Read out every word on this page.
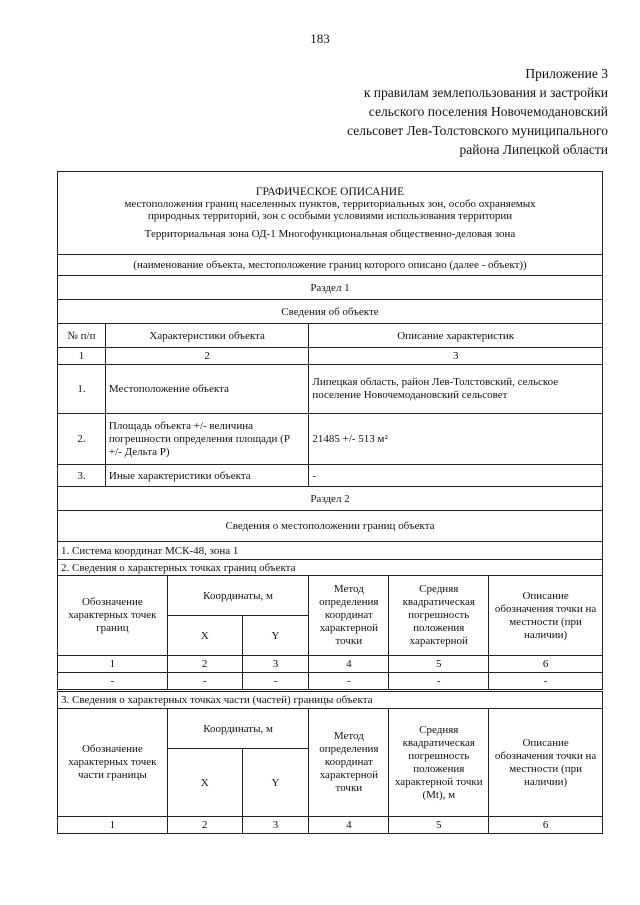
183
Приложение 3
к правилам землепользования и застройки
сельского поселения Новочемодановский
сельсовет Лев-Толстовского муниципального
района Липецкой области
ГРАФИЧЕСКОЕ ОПИСАНИЕ
местоположения границ населенных пунктов, территориальных зон, особо охраняемых
природных территорий, зон с особыми условиями использования территории
Территориальная зона ОД-1 Многофункциональная общественно-деловая зона						

(наименование объекта, местоположение границ которого описано (далее - объект))						
Раздел 1						
Сведения об объекте						
№ п/п	Характеристики объекта			Описание характеристик		
1	2			3		
1.	Местоположение объекта			Липецкая область, район Лев-Толстовский, сельское поселение Новочемодановский сельсовет		
2.	Площадь объекта +/- величина погрешности определения площади (Р +/- Дельта Р)			21485 +/- 513 м²		
3.	Иные характеристики объекта			-		
Раздел 2						
Сведения о местоположении границ объекта						
1. Система координат МСК-48, зона 1						
2. Сведения о характерных точках границ объекта						
Обозначение характерных точек границ		Координаты, м		Метод определения координат характерной точки	Средняя квадратическая погрешность положения характерной	Описание обозначения точки на местности (при наличии)
		X	Y			
1		2	3	4	5	6
-		-	-	-	-	-
3. Сведения о характерных точках части (частей) границы объекта					
Обозначение характерных точек части границы	Координаты, м		Метод определения координат характерной точки	Средняя квадратическая погрешность положения характерной точки (Mt), м	Описание обозначения точки на местности (при наличии)
	X	Y			
1	2	3	4	5	6
